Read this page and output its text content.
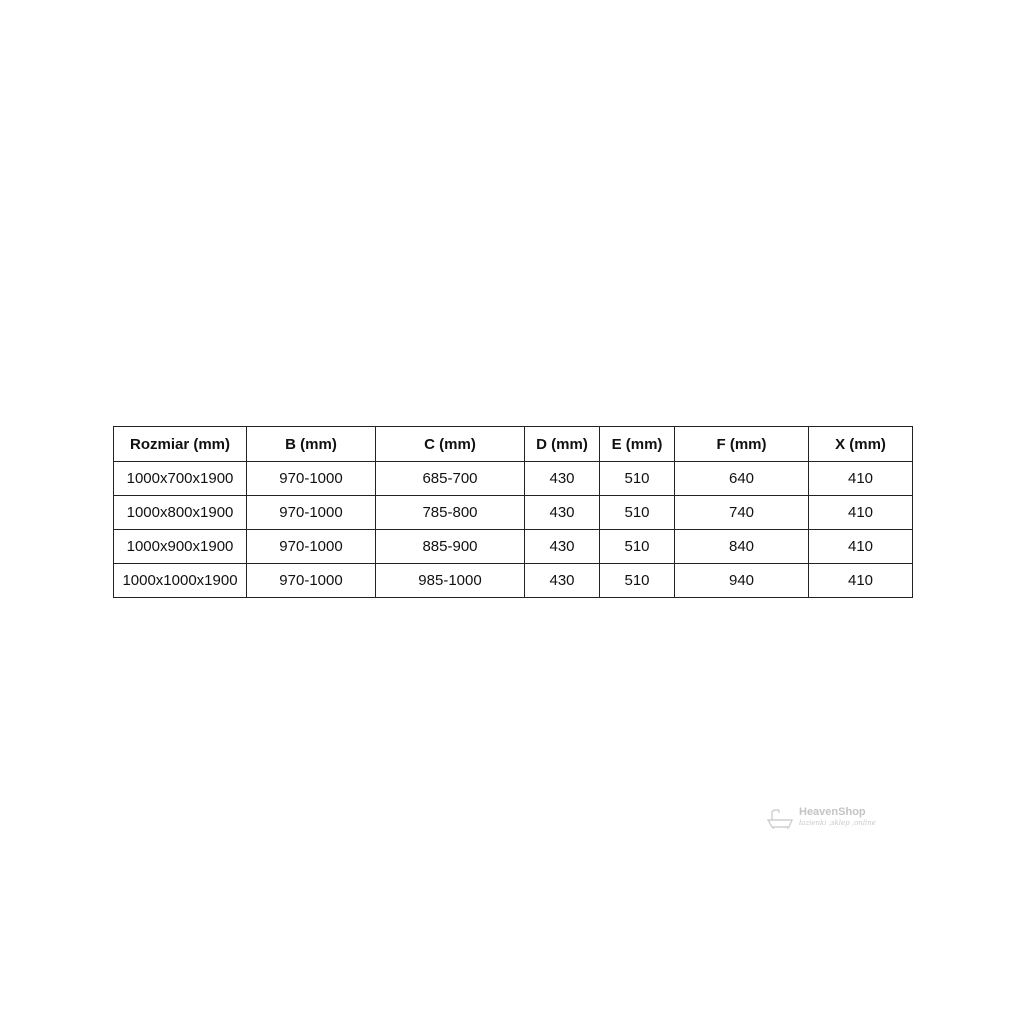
Rozmiar (mm)	B (mm)	C (mm)	D (mm)	E (mm)	F (mm)	X (mm)
1000x700x1900	970-1000	685-700	430	510	640	410
1000x800x1900	970-1000	785-800	430	510	740	410
1000x900x1900	970-1000	885-900	430	510	840	410
1000x1000x1900	970-1000	985-1000	430	510	940	410
HeavenShop
łazienki ,sklep ,online
